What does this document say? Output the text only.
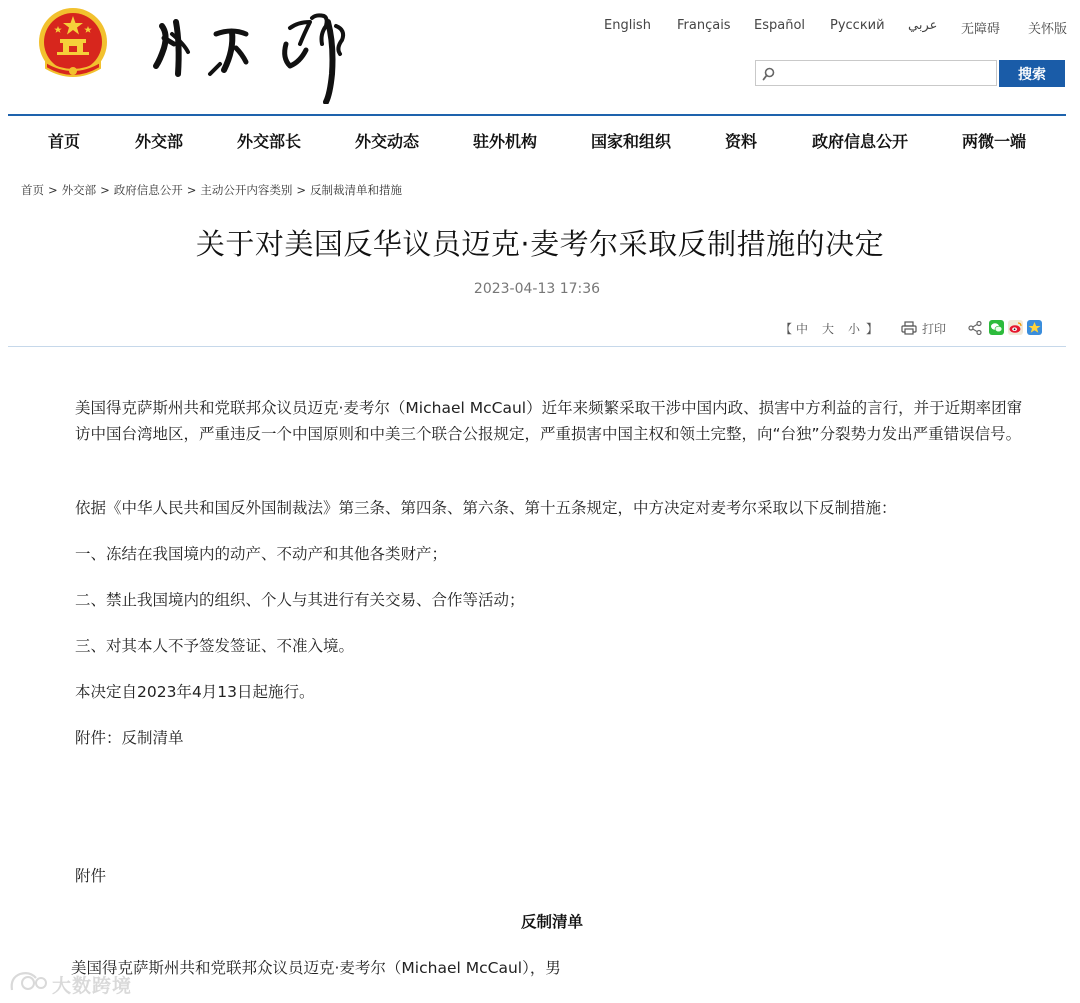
English Français Español Русский عربي 无障碍 关怀版
搜索
首页	外交部	外交部长	外交动态	驻外机构	国家和组织	资料	政府信息公开	两微一端
首页 > 外交部 > 政府信息公开 > 主动公开内容类别 > 反制裁清单和措施
关于对美国反华议员迈克·麦考尔采取反制措施的决定
2023-04-13 17:36
【 中 大 小 】	打印

美国得克萨斯州共和党联邦众议员迈克·麦考尔（Michael McCaul）近年来频繁采取干涉中国内政、损害中方利益的言行，并于近期率团窜访中国台湾地区，严重违反一个中国原则和中美三个联合公报规定，严重损害中国主权和领土完整，向“台独”分裂势力发出严重错误信号。

依据《中华人民共和国反外国制裁法》第三条、第四条、第六条、第十五条规定，中方决定对麦考尔采取以下反制措施：

一、冻结在我国境内的动产、不动产和其他各类财产；

二、禁止我国境内的组织、个人与其进行有关交易、合作等活动；

三、对其本人不予签发签证、不准入境。

本决定自2023年4月13日起施行。

附件：反制清单

附件

反制清单

美国得克萨斯州共和党联邦众议员迈克·麦考尔（Michael McCaul），男

大数跨境
